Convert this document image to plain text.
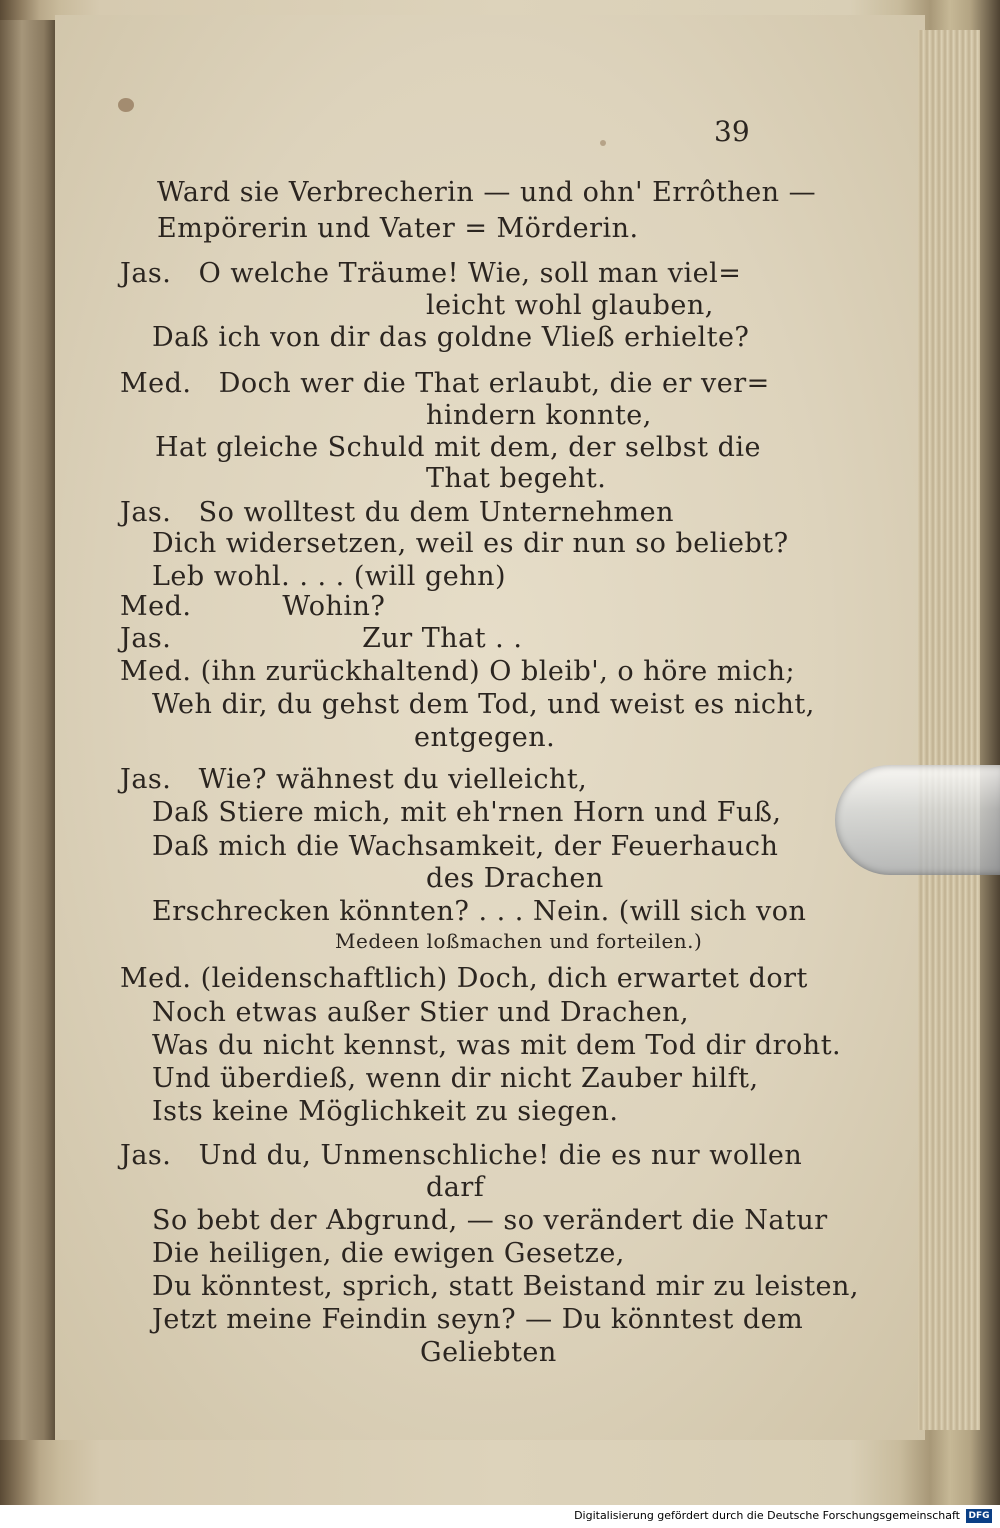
39
Ward sie Verbrecherin — und ohn' Errôthen —
Empörerin und Vater = Mörderin.
Jas.   O welche Träume! Wie, soll man viel=
leicht wohl glauben,
Daß ich von dir das goldne Vließ erhielte?
Med.   Doch wer die That erlaubt, die er ver=
hindern konnte,
Hat gleiche Schuld mit dem, der selbst die
That begeht.
Jas.   So wolltest du dem Unternehmen
Dich widersetzen, weil es dir nun so beliebt?
Leb wohl. . . . (will gehn)
Med.          Wohin?
Jas.                     Zur That . .
Med. (ihn zurückhaltend) O bleib', o höre mich;
Weh dir, du gehst dem Tod, und weist es nicht,
entgegen.
Jas.   Wie? wähnest du vielleicht,
Daß Stiere mich, mit eh'rnen Horn und Fuß,
Daß mich die Wachsamkeit, der Feuerhauch
des Drachen
Erschrecken könnten? . . . Nein. (will sich von
Medeen loßmachen und forteilen.)
Med. (leidenschaftlich) Doch, dich erwartet dort
Noch etwas außer Stier und Drachen,
Was du nicht kennst, was mit dem Tod dir droht.
Und überdieß, wenn dir nicht Zauber hilft,
Ists keine Möglichkeit zu siegen.
Jas.   Und du, Unmenschliche! die es nur wollen
darf
So bebt der Abgrund, — so verändert die Natur
Die heiligen, die ewigen Gesetze,
Du könntest, sprich, statt Beistand mir zu leisten,
Jetzt meine Feindin seyn? — Du könntest dem
Geliebten
Digitalisierung gefördert durch die Deutsche Forschungsgemeinschaft DFG
